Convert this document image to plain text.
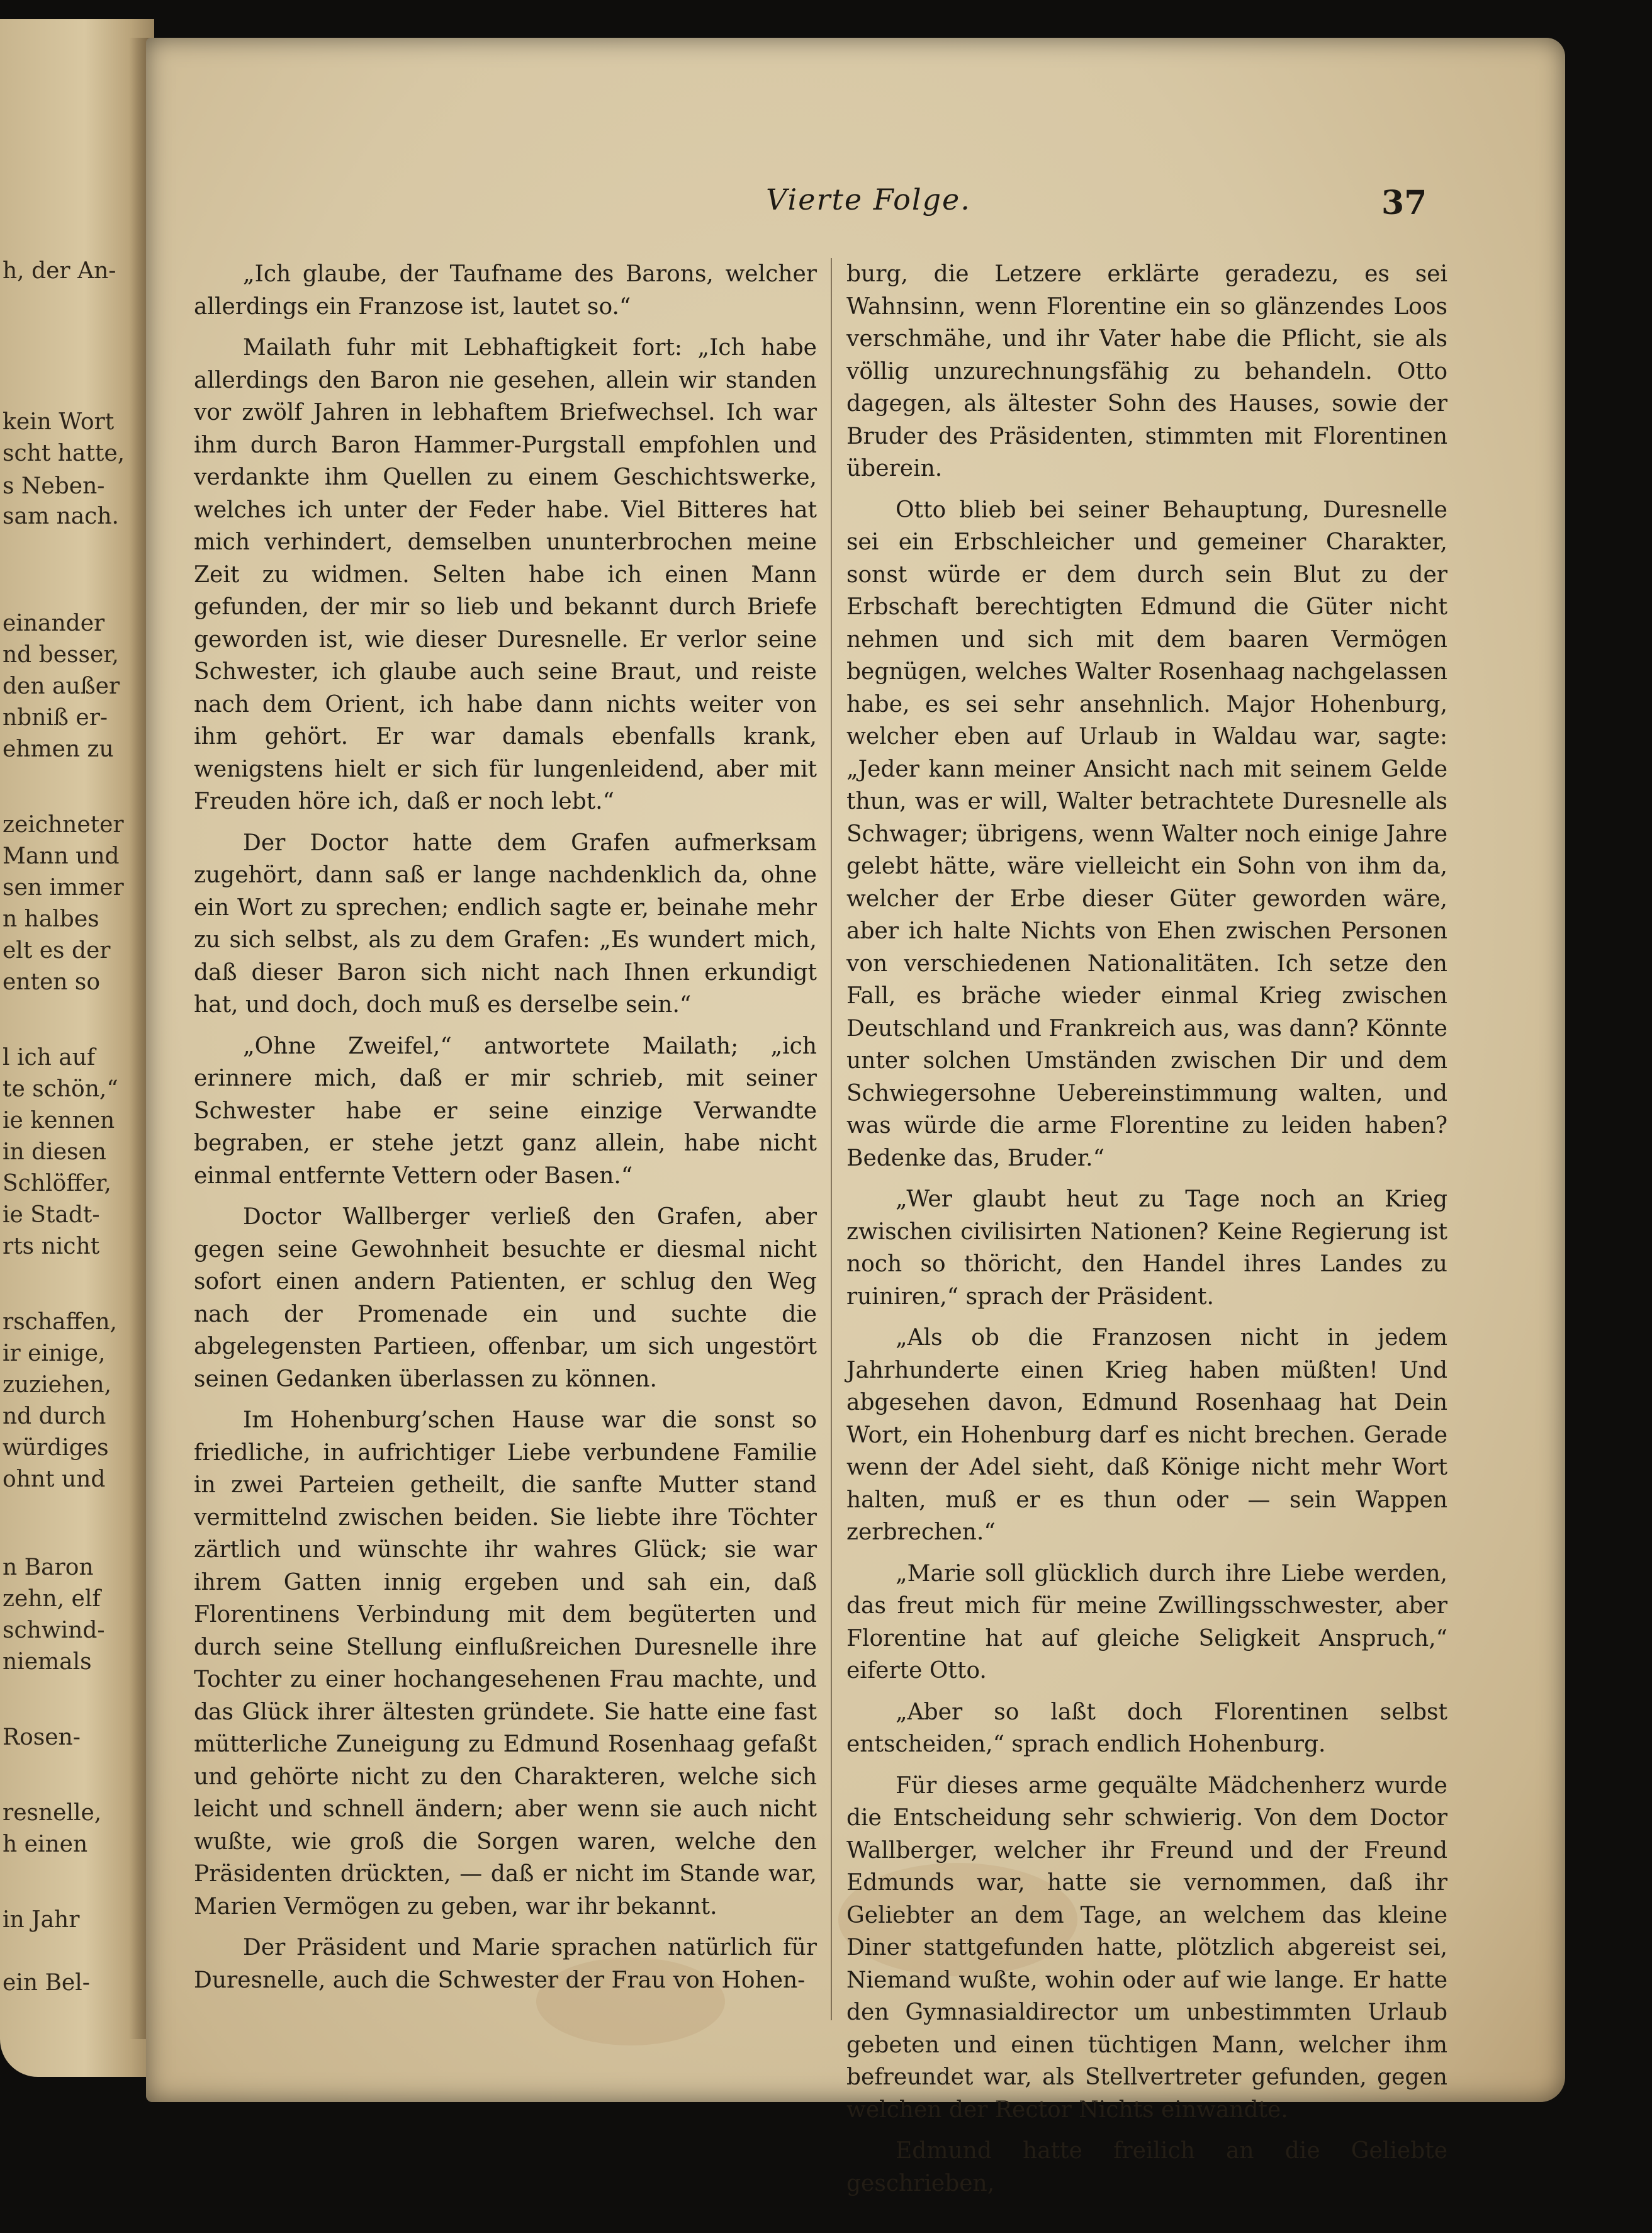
Vierte Folge.

„Ich glaube, der Taufname des Barons, welcher allerdings ein Franzose ist, lautet so.“

Mailath fuhr mit Lebhaftigkeit fort: „Ich habe allerdings den Baron nie gesehen, allein wir standen vor zwölf Jahren in lebhaftem Briefwechsel. Ich war ihm durch Baron Hammer-Purgstall empfohlen und verdankte ihm Quellen zu einem Geschichtswerke, welches ich unter der Feder habe. Viel Bitteres hat mich verhindert, demselben ununterbrochen meine Zeit zu widmen. Selten habe ich einen Mann gefunden, der mir so lieb und bekannt durch Briefe geworden ist, wie dieser Duresnelle. Er verlor seine Schwester, ich glaube auch seine Braut, und reiste nach dem Orient, ich habe dann nichts weiter von ihm gehört. Er war damals ebenfalls krank, wenigstens hielt er sich für lungenleidend, aber mit Freuden höre ich, daß er noch lebt.“

Der Doctor hatte dem Grafen aufmerksam zugehört, dann saß er lange nachdenklich da, ohne ein Wort zu sprechen; endlich sagte er, beinahe mehr zu sich selbst, als zu dem Grafen: „Es wundert mich, daß dieser Baron sich nicht nach Ihnen erkundigt hat, und doch, doch muß es derselbe sein.“

„Ohne Zweifel,“ antwortete Mailath; „ich erinnere mich, daß er mir schrieb, mit seiner Schwester habe er seine einzige Verwandte begraben, er stehe jetzt ganz allein, habe nicht einmal entfernte Vettern oder Basen.“

Doctor Wallberger verließ den Grafen, aber gegen seine Gewohnheit besuchte er diesmal nicht sofort einen andern Patienten, er schlug den Weg nach der Promenade ein und suchte die abgelegensten Partieen, offenbar, um sich ungestört seinen Gedanken überlassen zu können.

Im Hohenburg’schen Hause war die sonst so friedliche, in aufrichtiger Liebe verbundene Familie in zwei Parteien getheilt, die sanfte Mutter stand vermittelnd zwischen beiden. Sie liebte ihre Töchter zärtlich und wünschte ihr wahres Glück; sie war ihrem Gatten innig ergeben und sah ein, daß Florentinens Verbindung mit dem begüterten und durch seine Stellung einflußreichen Duresnelle ihre Tochter zu einer hochangesehenen Frau machte, und das Glück ihrer ältesten gründete. Sie hatte eine fast mütterliche Zuneigung zu Edmund Rosenhaag gefaßt und gehörte nicht zu den Charakteren, welche sich leicht und schnell ändern; aber wenn sie auch nicht wußte, wie groß die Sorgen waren, welche den Präsidenten drückten, — daß er nicht im Stande war, Marien Vermögen zu geben, war ihr bekannt.

Der Präsident und Marie sprachen natürlich für Duresnelle, auch die Schwester der Frau von Hohen-

burg, die Letzere erklärte geradezu, es sei Wahnsinn, wenn Florentine ein so glänzendes Loos verschmähe, und ihr Vater habe die Pflicht, sie als völlig unzurechnungsfähig zu behandeln. Otto dagegen, als ältester Sohn des Hauses, sowie der Bruder des Präsidenten, stimmten mit Florentinen überein.

Otto blieb bei seiner Behauptung, Duresnelle sei ein Erbschleicher und gemeiner Charakter, sonst würde er dem durch sein Blut zu der Erbschaft berechtigten Edmund die Güter nicht nehmen und sich mit dem baaren Vermögen begnügen, welches Walter Rosenhaag nachgelassen habe, es sei sehr ansehnlich. Major Hohenburg, welcher eben auf Urlaub in Waldau war, sagte: „Jeder kann meiner Ansicht nach mit seinem Gelde thun, was er will, Walter betrachtete Duresnelle als Schwager; übrigens, wenn Walter noch einige Jahre gelebt hätte, wäre vielleicht ein Sohn von ihm da, welcher der Erbe dieser Güter geworden wäre, aber ich halte Nichts von Ehen zwischen Personen von verschiedenen Nationalitäten. Ich setze den Fall, es bräche wieder einmal Krieg zwischen Deutschland und Frankreich aus, was dann? Könnte unter solchen Umständen zwischen Dir und dem Schwiegersohne Uebereinstimmung walten, und was würde die arme Florentine zu leiden haben? Bedenke das, Bruder.“

„Wer glaubt heut zu Tage noch an Krieg zwischen civilisirten Nationen? Keine Regierung ist noch so thöricht, den Handel ihres Landes zu ruiniren,“ sprach der Präsident.

„Als ob die Franzosen nicht in jedem Jahrhunderte einen Krieg haben müßten! Und abgesehen davon, Edmund Rosenhaag hat Dein Wort, ein Hohenburg darf es nicht brechen. Gerade wenn der Adel sieht, daß Könige nicht mehr Wort halten, muß er es thun oder — sein Wappen zerbrechen.“

„Marie soll glücklich durch ihre Liebe werden, das freut mich für meine Zwillingsschwester, aber Florentine hat auf gleiche Seligkeit Anspruch,“ eiferte Otto.

„Aber so laßt doch Florentinen selbst entscheiden,“ sprach endlich Hohenburg.

Für dieses arme gequälte Mädchenherz wurde die Entscheidung sehr schwierig. Von dem Doctor Wallberger, welcher ihr Freund und der Freund Edmunds war, hatte sie vernommen, daß ihr Geliebter an dem Tage, an welchem das kleine Diner stattgefunden hatte, plötzlich abgereist sei, Niemand wußte, wohin oder auf wie lange. Er hatte den Gymnasialdirector um unbestimmten Urlaub gebeten und einen tüchtigen Mann, welcher ihm befreundet war, als Stellvertreter gefunden, gegen welchen der Rector Nichts einwandte.

Edmund hatte freilich an die Geliebte geschrieben,

h, der An-
kein Wort
scht hatte,
s Neben-
sam nach.
einander
nd besser,
den außer
nbniß er-
ehmen zu
zeichneter
Mann und
sen immer
n halbes
elt es der
enten so
l ich auf
te schön,“
ie kennen
in diesen
Schlöffer,
ie Stadt-
rts nicht
rschaffen,
ir einige,
zuziehen,
nd durch
würdiges
ohnt und
n Baron
zehn, elf
schwind-
niemals
Rosen-
resnelle,
h einen
in Jahr
ein Bel-
